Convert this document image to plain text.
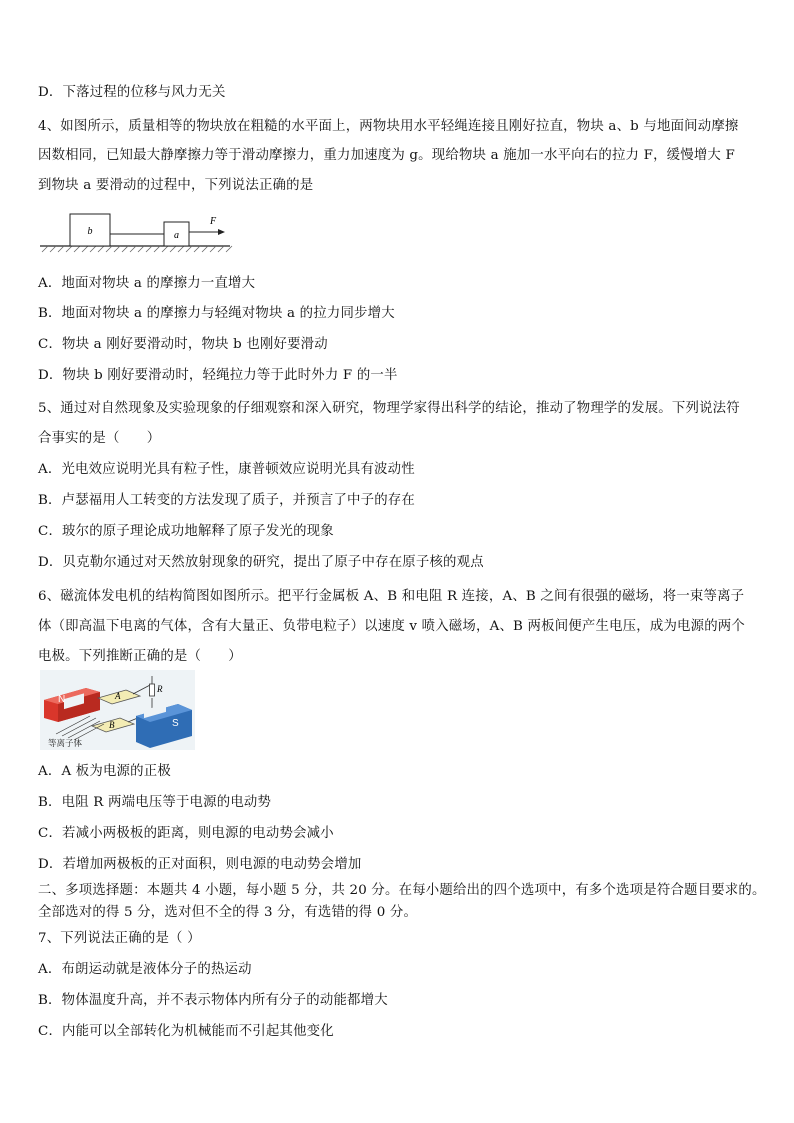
D．下落过程的位移与风力无关
4、如图所示，质量相等的物块放在粗糙的水平面上，两物块用水平轻绳连接且刚好拉直，物块 a、b 与地面间动摩擦
因数相同，已知最大静摩擦力等于滑动摩擦力，重力加速度为 g。现给物块 a 施加一水平向右的拉力 F，缓慢增大 F
到物块 a 要滑动的过程中，下列说法正确的是
b	a
F
A．地面对物块 a 的摩擦力一直增大
B．地面对物块 a 的摩擦力与轻绳对物块 a 的拉力同步增大
C．物块 a 刚好要滑动时，物块 b 也刚好要滑动
D．物块 b 刚好要滑动时，轻绳拉力等于此时外力 F 的一半
5、通过对自然现象及实验现象的仔细观察和深入研究，物理学家得出科学的结论，推动了物理学的发展。下列说法符
合事实的是（　　）
A．光电效应说明光具有粒子性，康普顿效应说明光具有波动性
B．卢瑟福用人工转变的方法发现了质子，并预言了中子的存在
C．玻尔的原子理论成功地解释了原子发光的现象
D．贝克勒尔通过对天然放射现象的研究，提出了原子中存在原子核的观点
6、磁流体发电机的结构简图如图所示。把平行金属板 A、B 和电阻 R 连接，A、B 之间有很强的磁场，将一束等离子
体（即高温下电离的气体，含有大量正、负带电粒子）以速度 v 喷入磁场，A、B 两板间便产生电压，成为电源的两个
电极。下列推断正确的是（　　）
N	A
B
R
S
等离子体
A．A 板为电源的正极
B．电阻 R 两端电压等于电源的电动势
C．若减小两极板的距离，则电源的电动势会减小
D．若增加两极板的正对面积，则电源的电动势会增加
二、多项选择题：本题共 4 小题，每小题 5 分，共 20 分。在每小题给出的四个选项中，有多个选项是符合题目要求的。
全部选对的得 5 分，选对但不全的得 3 分，有选错的得 0 分。
7、下列说法正确的是（ ）
A．布朗运动就是液体分子的热运动
B．物体温度升高，并不表示物体内所有分子的动能都增大
C．内能可以全部转化为机械能而不引起其他变化
